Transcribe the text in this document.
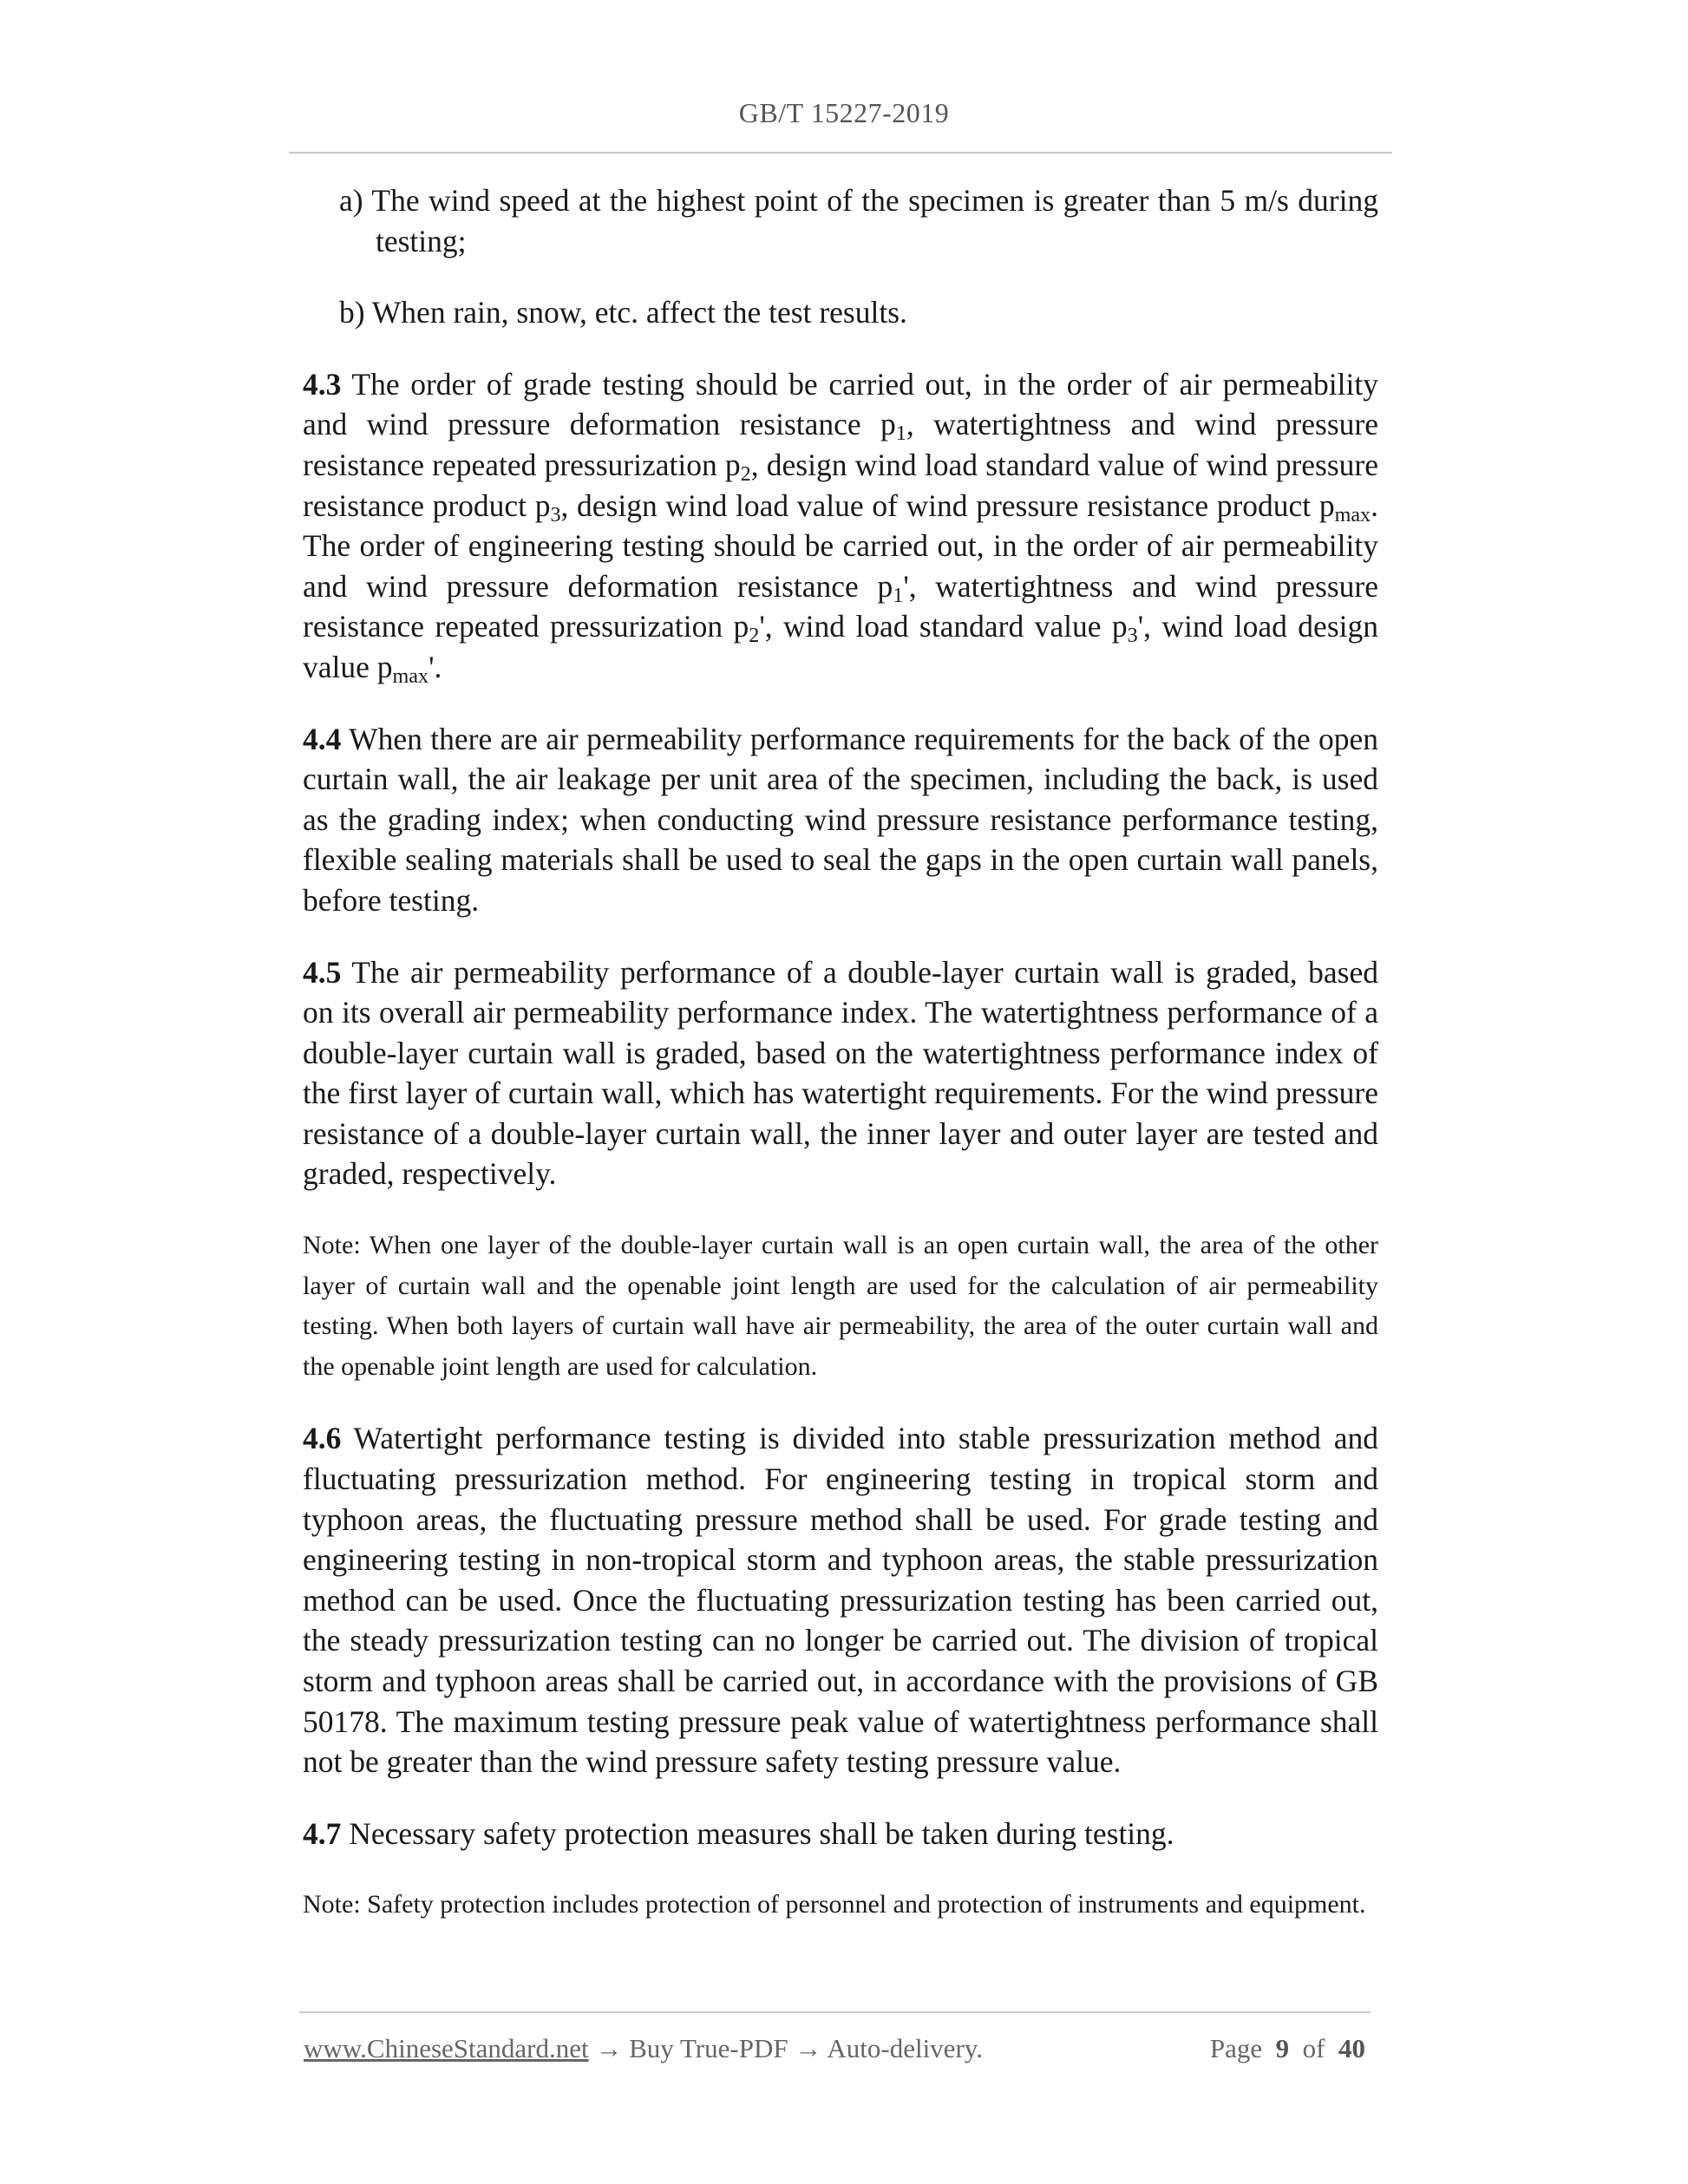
GB/T 15227-2019

a) The wind speed at the highest point of the specimen is greater than 5 m/s during testing;

b) When rain, snow, etc. affect the test results.

4.3 The order of grade testing should be carried out, in the order of air permeability and wind pressure deformation resistance $p_1$, watertightness and wind pressure resistance repeated pressurization $p_2$, design wind load standard value of wind pressure resistance product $p_3$, design wind load value of wind pressure resistance product $p_{max}$. The order of engineering testing should be carried out, in the order of air permeability and wind pressure deformation resistance $p_1'$, watertightness and wind pressure resistance repeated pressurization $p_2'$, wind load standard value $p_3'$, wind load design value $p_{max}'$.

4.4 When there are air permeability performance requirements for the back of the open curtain wall, the air leakage per unit area of the specimen, including the back, is used as the grading index; when conducting wind pressure resistance performance testing, flexible sealing materials shall be used to seal the gaps in the open curtain wall panels, before testing.

4.5 The air permeability performance of a double-layer curtain wall is graded, based on its overall air permeability performance index. The watertightness performance of a double-layer curtain wall is graded, based on the watertightness performance index of the first layer of curtain wall, which has watertight requirements. For the wind pressure resistance of a double-layer curtain wall, the inner layer and outer layer are tested and graded, respectively.

Note: When one layer of the double-layer curtain wall is an open curtain wall, the area of the other layer of curtain wall and the openable joint length are used for the calculation of air permeability testing. When both layers of curtain wall have air permeability, the area of the outer curtain wall and the openable joint length are used for calculation.

4.6 Watertight performance testing is divided into stable pressurization method and fluctuating pressurization method. For engineering testing in tropical storm and typhoon areas, the fluctuating pressure method shall be used. For grade testing and engineering testing in non-tropical storm and typhoon areas, the stable pressurization method can be used. Once the fluctuating pressurization testing has been carried out, the steady pressurization testing can no longer be carried out. The division of tropical storm and typhoon areas shall be carried out, in accordance with the provisions of GB 50178. The maximum testing pressure peak value of watertightness performance shall not be greater than the wind pressure safety testing pressure value.

4.7 Necessary safety protection measures shall be taken during testing.

Note: Safety protection includes protection of personnel and protection of instruments and equipment.

www.ChineseStandard.net → Buy True-PDF → Auto-delivery.	Page 9 of 40
